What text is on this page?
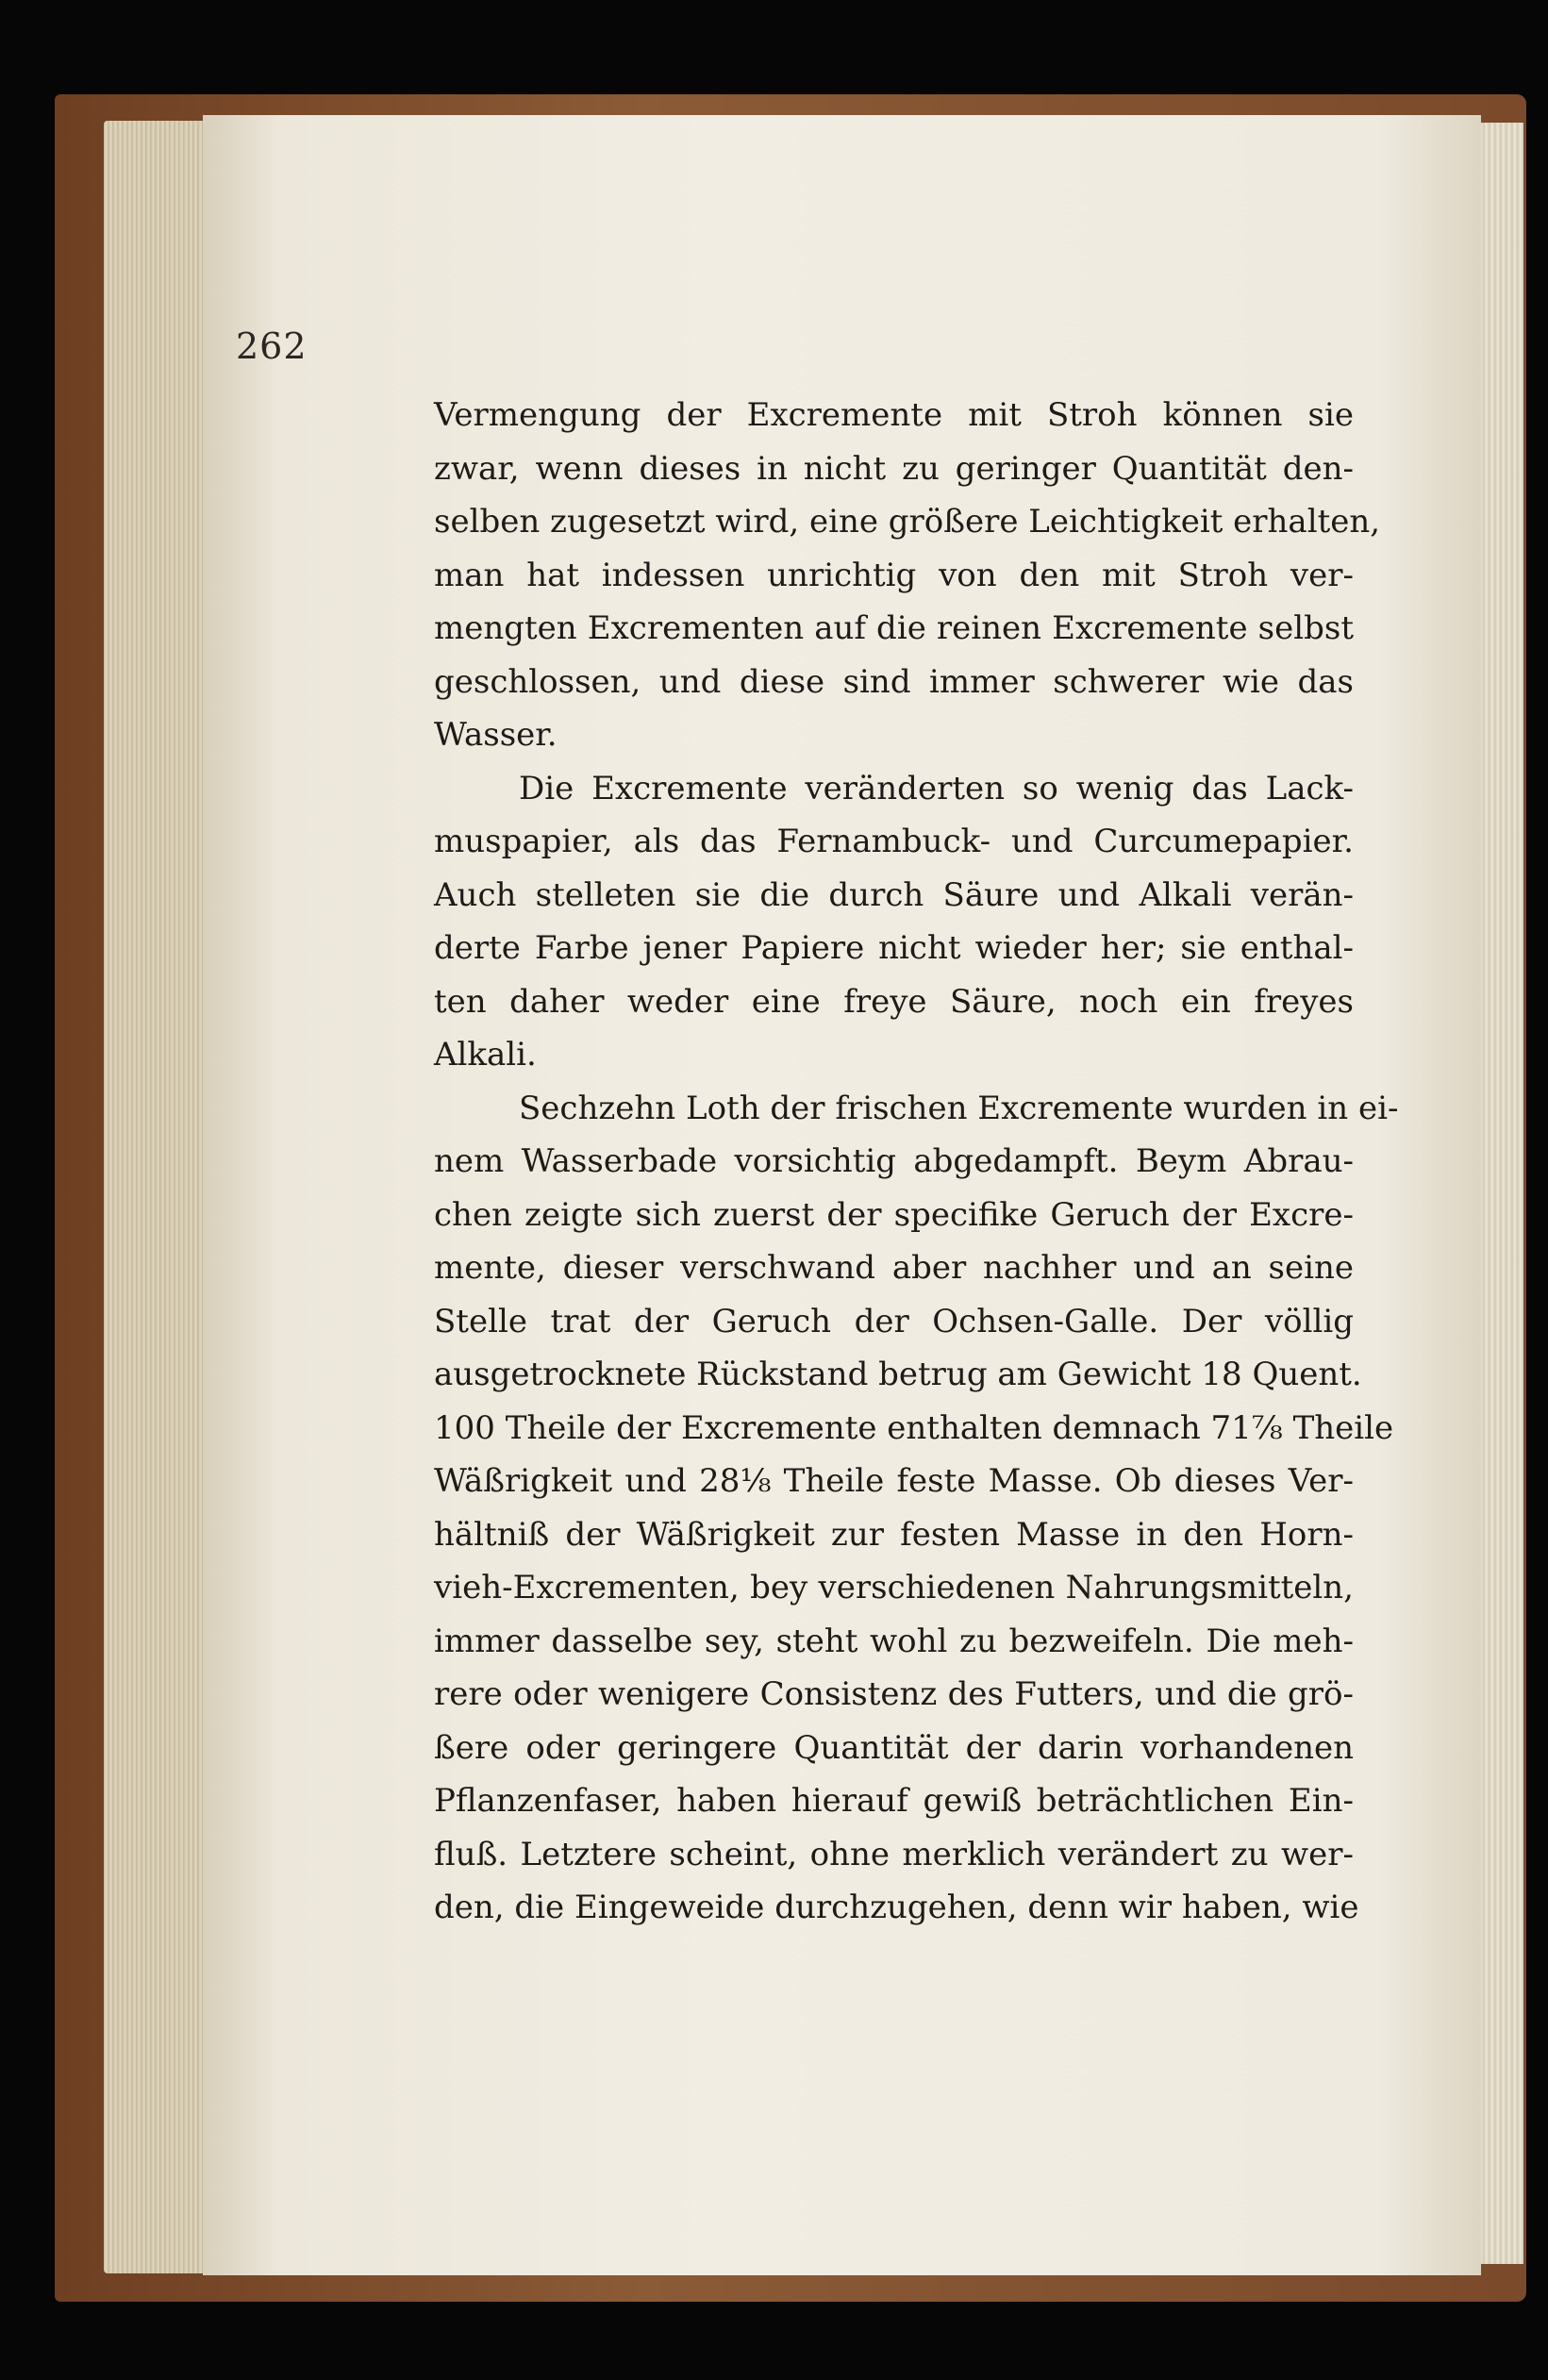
262
Vermengung der Excremente mit Stroh können sie
zwar, wenn dieses in nicht zu geringer Quantität den-
selben zugesetzt wird, eine größere Leichtigkeit erhalten,
man hat indessen unrichtig von den mit Stroh ver-
mengten Excrementen auf die reinen Excremente selbst
geschlossen, und diese sind immer schwerer wie das
Wasser.
Die Excremente veränderten so wenig das Lack-
muspapier, als das Fernambuck- und Curcumepapier.
Auch stelleten sie die durch Säure und Alkali verän-
derte Farbe jener Papiere nicht wieder her; sie enthal-
ten daher weder eine freye Säure, noch ein freyes
Alkali.
Sechzehn Loth der frischen Excremente wurden in ei-
nem Wasserbade vorsichtig abgedampft. Beym Abrau-
chen zeigte sich zuerst der specifike Geruch der Excre-
mente, dieser verschwand aber nachher und an seine
Stelle trat der Geruch der Ochsen-Galle. Der völlig
ausgetrocknete Rückstand betrug am Gewicht 18 Quent.
100 Theile der Excremente enthalten demnach 71⅞ Theile
Wäßrigkeit und 28⅛ Theile feste Masse. Ob dieses Ver-
hältniß der Wäßrigkeit zur festen Masse in den Horn-
vieh-Excrementen, bey verschiedenen Nahrungsmitteln,
immer dasselbe sey, steht wohl zu bezweifeln. Die meh-
rere oder wenigere Consistenz des Futters, und die grö-
ßere oder geringere Quantität der darin vorhandenen
Pflanzenfaser, haben hierauf gewiß beträchtlichen Ein-
fluß. Letztere scheint, ohne merklich verändert zu wer-
den, die Eingeweide durchzugehen, denn wir haben, wie
